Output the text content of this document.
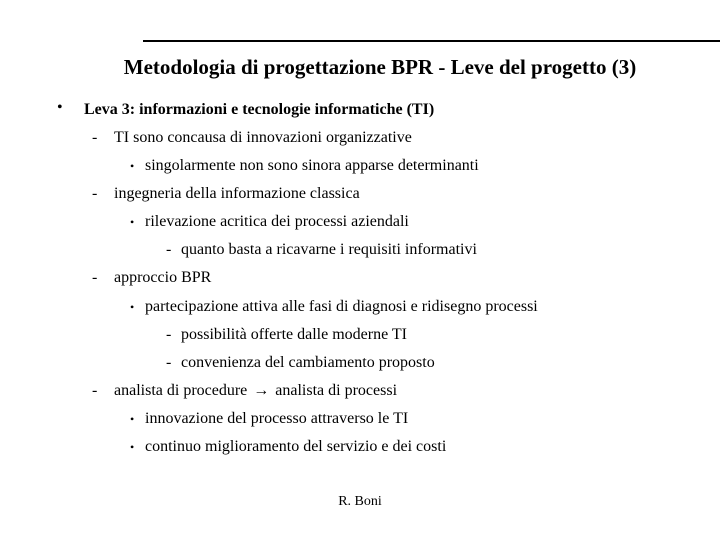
Metodologia di progettazione BPR - Leve del progetto (3)
• Leva 3: informazioni e tecnologie informatiche (TI)
- TI sono concausa di innovazioni organizzative
• singolarmente non sono sinora apparse determinanti
- ingegneria della informazione classica
• rilevazione acritica dei processi aziendali
- quanto basta a ricavarne i requisiti informativi
- approccio BPR
• partecipazione attiva alle fasi di diagnosi e ridisegno processi
- possibilità offerte dalle moderne TI
- convenienza del cambiamento proposto
- analista di procedure → analista di processi
• innovazione del processo attraverso le TI
• continuo miglioramento del servizio e dei costi
R. Boni
